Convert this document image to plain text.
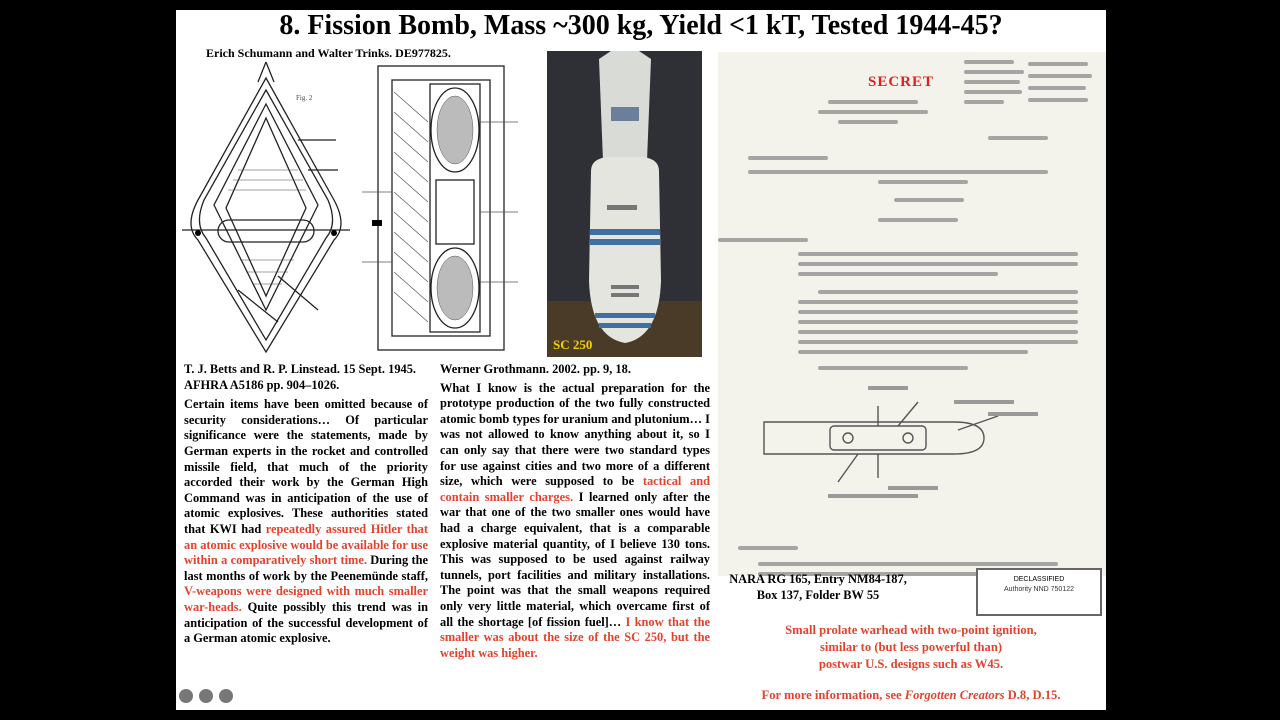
8. Fission Bomb, Mass ~300 kg, Yield <1 kT, Tested 1944-45?
Erich Schumann and Walter Trinks. DE977825.
Fig. 2
SC 250
SECRET
T. J. Betts and R. P. Linstead. 15 Sept. 1945. AFHRA A5186 pp. 904–1026.
Certain items have been omitted because of security considerations… Of particular significance were the statements, made by German experts in the rocket and controlled missile field, that much of the priority accorded their work by the German High Command was in anticipation of the use of atomic explosives. These authorities stated that KWI had repeatedly assured Hitler that an atomic explosive would be available for use within a comparatively short time. During the last months of work by the Peenemünde staff, V-weapons were designed with much smaller war-heads. Quite possibly this trend was in anticipation of the successful development of a German atomic explosive.
Werner Grothmann. 2002. pp. 9, 18.
What I know is the actual preparation for the prototype production of the two fully constructed atomic bomb types for uranium and plutonium… I was not allowed to know anything about it, so I can only say that there were two standard types for use against cities and two more of a different size, which were supposed to be tactical and contain smaller charges. I learned only after the war that one of the two smaller ones would have had a charge equivalent, that is a comparable explosive material quantity, of I believe 130 tons. This was supposed to be used against railway tunnels, port facilities and military installations. The point was that the small weapons required only very little material, which overcame first of all the shortage [of fission fuel]… I know that the smaller was about the size of the SC 250, but the weight was higher.
NARA RG 165, Entry NM84-187,
Box 137, Folder BW 55
DECLASSIFIED
Authority NND 750122
Small prolate warhead with two-point ignition,
similar to (but less powerful than)
postwar U.S. designs such as W45.
For more information, see Forgotten Creators D.8, D.15.
